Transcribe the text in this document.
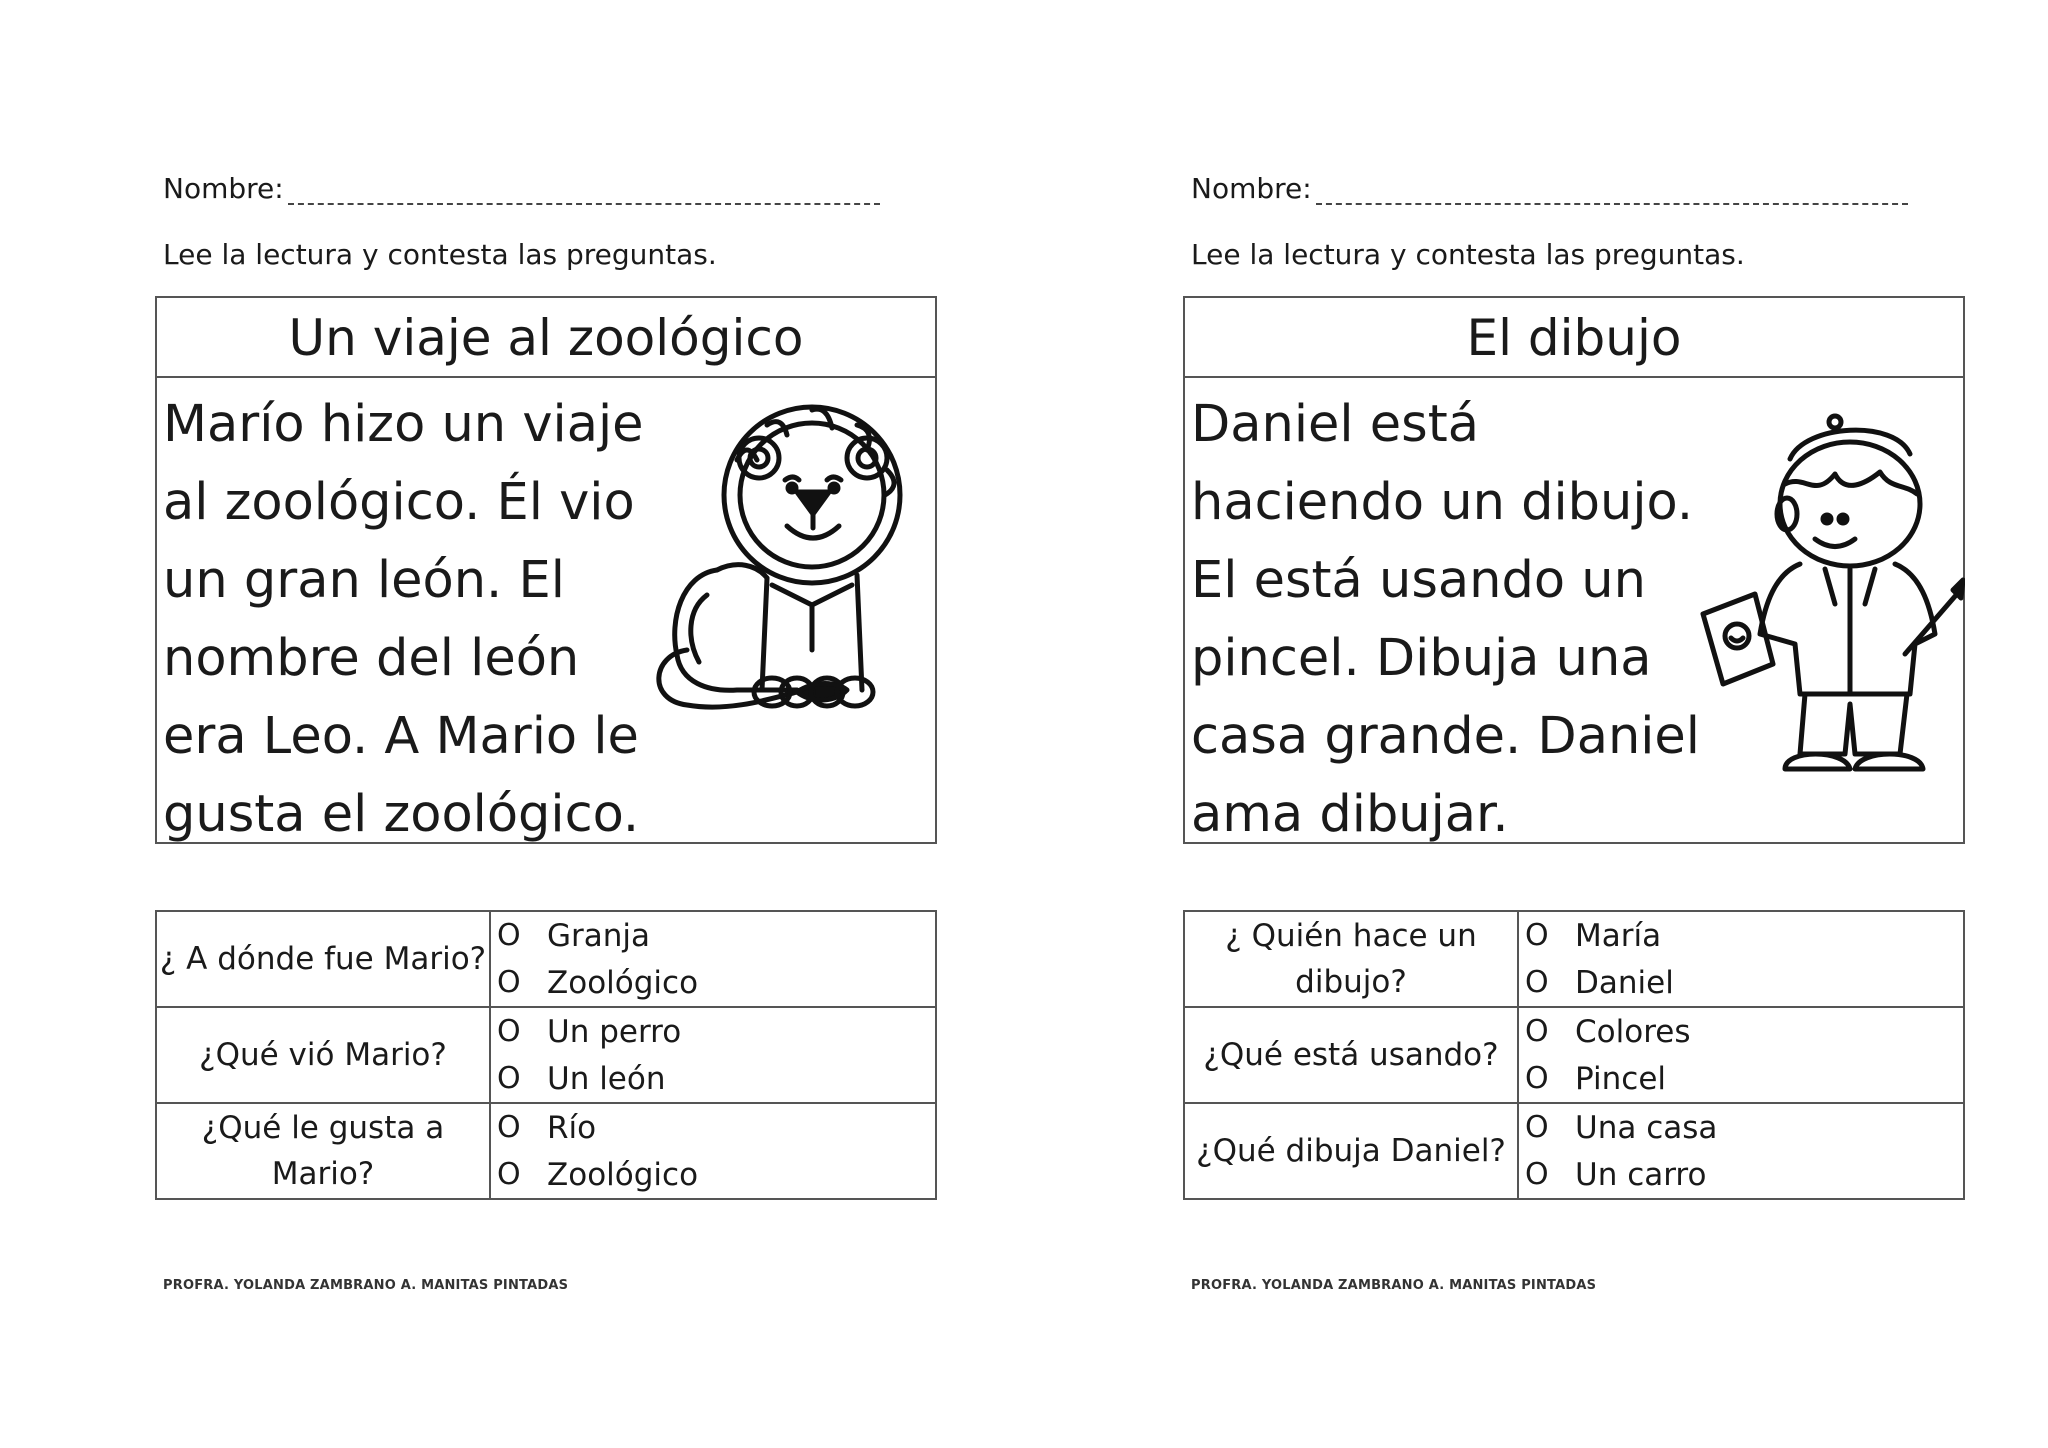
Nombre:
Lee la lectura y contesta las preguntas.
Un viaje al zoológico

Marío hizo un viaje
al zoológico. Él vio
un gran león. El
nombre del león
era Leo. A Mario le
gusta el zoológico.

¿ A dónde fue Mario?	O Granja
O Zoológico

¿Qué vió Mario?	O Un perro
O Un león

¿Qué le gusta a Mario?	O Río
O Zoológico
PROFRA. YOLANDA ZAMBRANO A. MANITAS PINTADAS
Nombre:
Lee la lectura y contesta las preguntas.
El dibujo

Daniel está
haciendo un dibujo.
El está usando un
pincel. Dibuja una
casa grande. Daniel
ama dibujar.

¿ Quién hace un dibujo?	O María
O Daniel

¿Qué está usando?	O Colores
O Pincel

¿Qué dibuja Daniel?	O Una casa
O Un carro
PROFRA. YOLANDA ZAMBRANO A. MANITAS PINTADAS
